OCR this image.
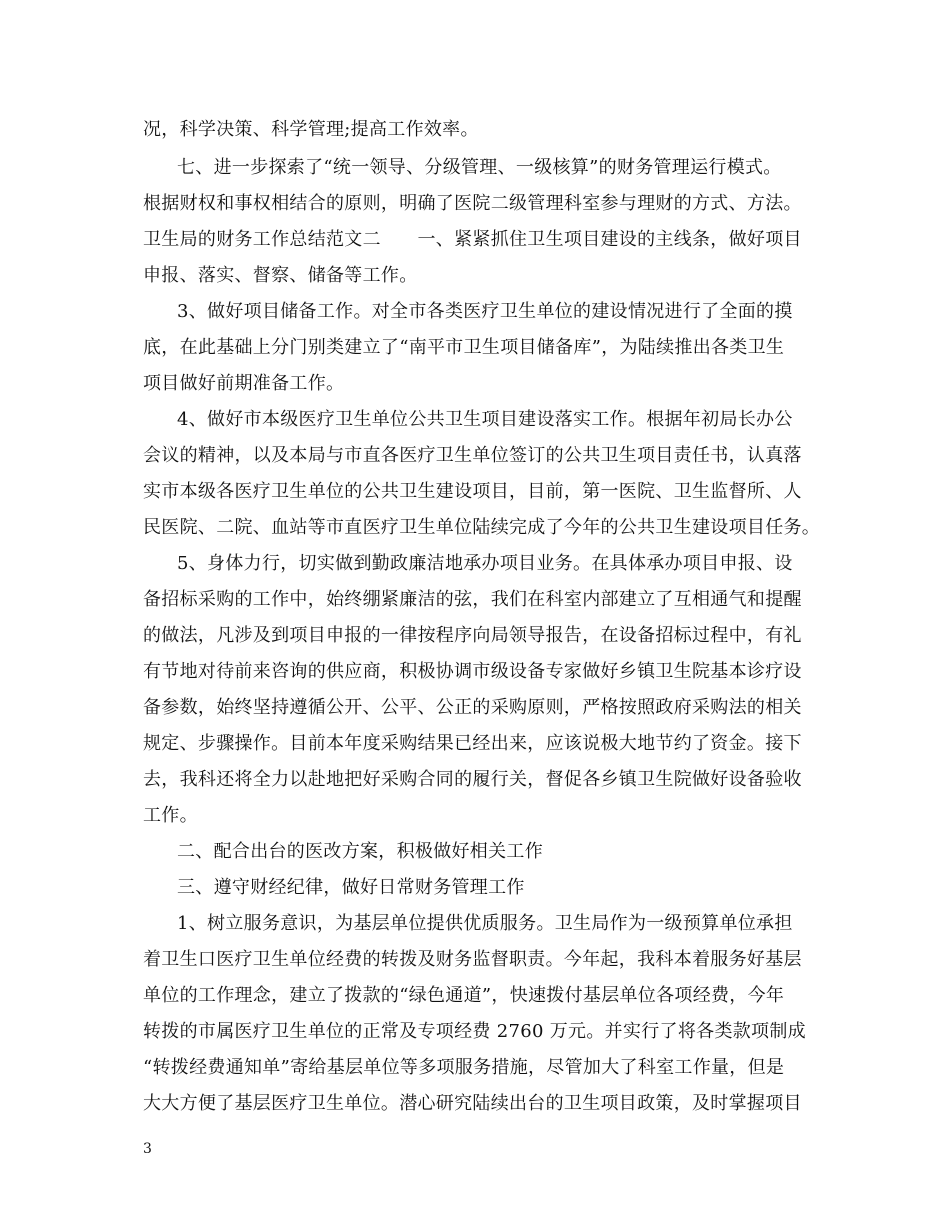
况，科学决策、科学管理;提高工作效率。
七、进一步探索了“统一领导、分级管理、一级核算”的财务管理运行模式。
根据财权和事权相结合的原则，明确了医院二级管理科室参与理财的方式、方法。
卫生局的财务工作总结范文二　　一、紧紧抓住卫生项目建设的主线条，做好项目
申报、落实、督察、储备等工作。
3、做好项目储备工作。对全市各类医疗卫生单位的建设情况进行了全面的摸
底，在此基础上分门别类建立了“南平市卫生项目储备库”，为陆续推出各类卫生
项目做好前期准备工作。
4、做好市本级医疗卫生单位公共卫生项目建设落实工作。根据年初局长办公
会议的精神，以及本局与市直各医疗卫生单位签订的公共卫生项目责任书，认真落
实市本级各医疗卫生单位的公共卫生建设项目，目前，第一医院、卫生监督所、人
民医院、二院、血站等市直医疗卫生单位陆续完成了今年的公共卫生建设项目任务。
5、身体力行，切实做到勤政廉洁地承办项目业务。在具体承办项目申报、设
备招标采购的工作中，始终绷紧廉洁的弦，我们在科室内部建立了互相通气和提醒
的做法，凡涉及到项目申报的一律按程序向局领导报告，在设备招标过程中，有礼
有节地对待前来咨询的供应商，积极协调市级设备专家做好乡镇卫生院基本诊疗设
备参数，始终坚持遵循公开、公平、公正的采购原则，严格按照政府采购法的相关
规定、步骤操作。目前本年度采购结果已经出来，应该说极大地节约了资金。接下
去，我科还将全力以赴地把好采购合同的履行关，督促各乡镇卫生院做好设备验收
工作。
二、配合出台的医改方案，积极做好相关工作
三、遵守财经纪律，做好日常财务管理工作
1、树立服务意识，为基层单位提供优质服务。卫生局作为一级预算单位承担
着卫生口医疗卫生单位经费的转拨及财务监督职责。今年起，我科本着服务好基层
单位的工作理念，建立了拨款的“绿色通道”，快速拨付基层单位各项经费，今年
转拨的市属医疗卫生单位的正常及专项经费 2760 万元。并实行了将各类款项制成
“转拨经费通知单”寄给基层单位等多项服务措施，尽管加大了科室工作量，但是
大大方便了基层医疗卫生单位。潜心研究陆续出台的卫生项目政策，及时掌握项目
3
